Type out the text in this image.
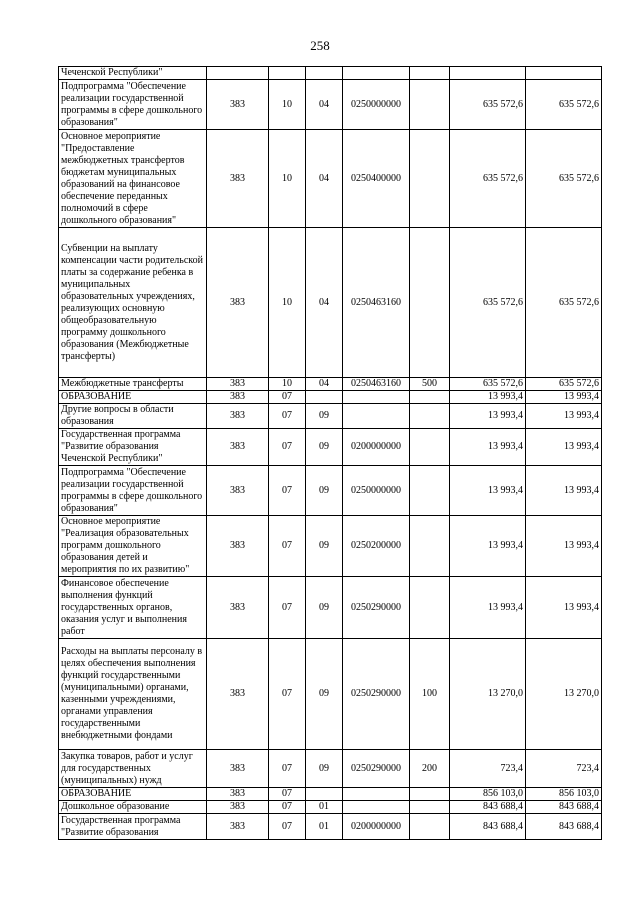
258
Чеченской Республики"							
Подпрограмма "Обеспечение реализации государственной программы в сфере дошкольного образования"	383	10	04	0250000000		635 572,6	635 572,6
Основное мероприятие "Предоставление межбюджетных трансфертов бюджетам муниципальных образований на финансовое обеспечение переданных полномочий в сфере дошкольного образования"	383	10	04	0250400000		635 572,6	635 572,6
Субвенции на выплату компенсации части родительской платы за содержание ребенка в муниципальных образовательных учреждениях, реализующих основную общеобразовательную программу дошкольного образования (Межбюджетные трансферты)	383	10	04	0250463160		635 572,6	635 572,6
Межбюджетные трансферты	383	10	04	0250463160	500	635 572,6	635 572,6
ОБРАЗОВАНИЕ	383	07				13 993,4	13 993,4
Другие вопросы в области образования	383	07	09			13 993,4	13 993,4
Государственная программа "Развитие образования Чеченской Республики"	383	07	09	0200000000		13 993,4	13 993,4
Подпрограмма "Обеспечение реализации государственной программы в сфере дошкольного образования"	383	07	09	0250000000		13 993,4	13 993,4
Основное мероприятие "Реализация образовательных программ дошкольного образования детей и мероприятия по их развитию"	383	07	09	0250200000		13 993,4	13 993,4
Финансовое обеспечение выполнения функций государственных органов, оказания услуг и выполнения работ	383	07	09	0250290000		13 993,4	13 993,4
Расходы на выплаты персоналу в целях обеспечения выполнения функций государственными (муниципальными) органами, казенными учреждениями, органами управления государственными внебюджетными фондами	383	07	09	0250290000	100	13 270,0	13 270,0
Закупка товаров, работ и услуг для государственных (муниципальных) нужд	383	07	09	0250290000	200	723,4	723,4
ОБРАЗОВАНИЕ	383	07				856 103,0	856 103,0
Дошкольное образование	383	07	01			843 688,4	843 688,4
Государственная программа "Развитие образования	383	07	01	0200000000		843 688,4	843 688,4
